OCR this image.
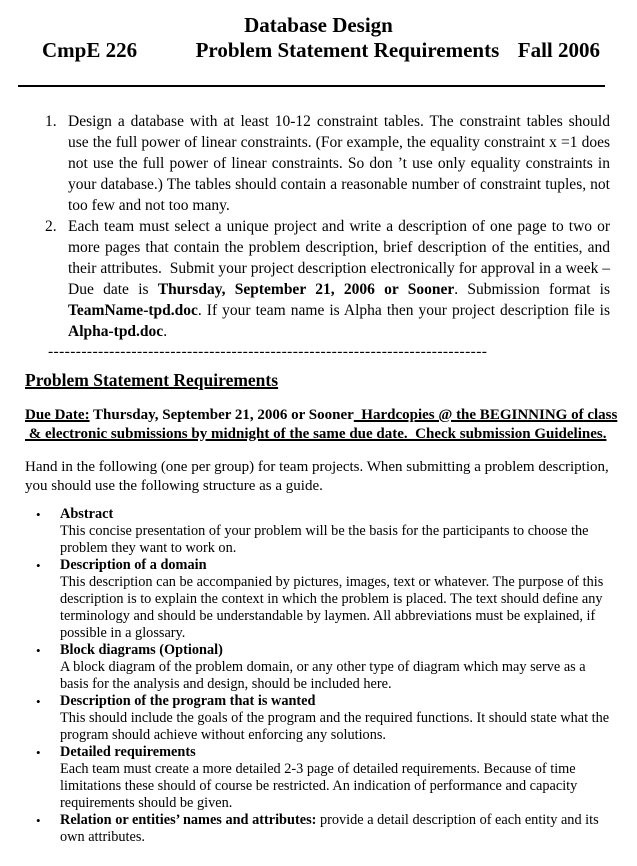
Database Design
CmpE 226	Problem Statement Requirements Fall 2006
1. Design a database with at least 10-12 constraint tables. The constraint tables should use the full power of linear constraints. (For example, the equality constraint x =1 does not use the full power of linear constraints. So don ’t use only equality constraints in your database.) The tables should contain a reasonable number of constraint tuples, not too few and not too many.
2. Each team must select a unique project and write a description of one page to two or more pages that contain the problem description, brief description of the entities, and their attributes.  Submit your project description electronically for approval in a week – Due date is Thursday, September 21, 2006 or Sooner. Submission format is TeamName-tpd.doc. If your team name is Alpha then your project description file is Alpha-tpd.doc.
-------------------------------------------------------------------------------
Problem Statement Requirements
Due Date: Thursday, September 21, 2006 or Sooner  Hardcopies @ the BEGINNING of class  & electronic submissions by midnight of the same due date.  Check submission Guidelines.
Hand in the following (one per group) for team projects. When submitting a problem description, you should use the following structure as a guide.
•	Abstract
This concise presentation of your problem will be the basis for the participants to choose the problem they want to work on.
•	Description of a domain
This description can be accompanied by pictures, images, text or whatever. The purpose of this description is to explain the context in which the problem is placed. The text should define any terminology and should be understandable by laymen. All abbreviations must be explained, if possible in a glossary.
•	Block diagrams (Optional)
A block diagram of the problem domain, or any other type of diagram which may serve as a basis for the analysis and design, should be included here.
•	Description of the program that is wanted
This should include the goals of the program and the required functions. It should state what the program should achieve without enforcing any solutions.
•	Detailed requirements
Each team must create a more detailed 2-3 page of detailed requirements. Because of time limitations these should of course be restricted. An indication of performance and capacity requirements should be given.
•	Relation or entities’ names and attributes: provide a detail description of each entity and its own attributes.
